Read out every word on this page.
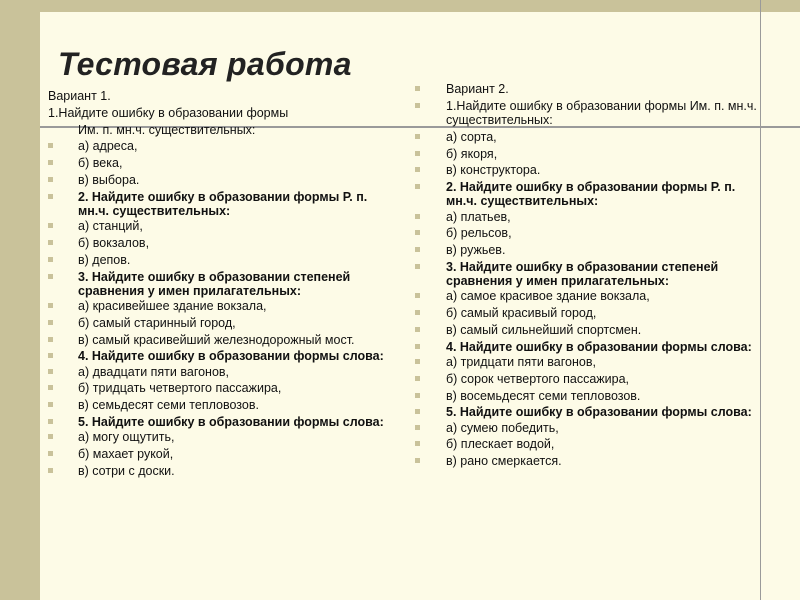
Тестовая работа
Вариант 1.
1.Найдите ошибку в образовании формы
Им. п. мн.ч. существительных:
а) адреса,
б) века,
в) выбора.
2. Найдите ошибку в образовании формы Р. п. мн.ч. существительных:
а) станций,
б) вокзалов,
в) депов.
3. Найдите ошибку в образовании степеней сравнения у имен прилагательных:
а) красивейшее здание вокзала,
б) самый старинный город,
в) самый красивейший железнодорожный мост.
4. Найдите ошибку в образовании формы слова:
а) двадцати пяти вагонов,
б) тридцать четвертого пассажира,
в) семьдесят семи тепловозов.
5. Найдите ошибку в образовании формы слова:
а) могу ощутить,
б) махает рукой,
в) сотри с доски.
Вариант 2.
1.Найдите ошибку в образовании формы Им. п. мн.ч. существительных:
а) сорта,
б) якоря,
в) конструктора.
2. Найдите ошибку в образовании формы Р. п. мн.ч. существительных:
а) платьев,
б) рельсов,
в) ружьев.
3. Найдите ошибку в образовании степеней сравнения у имен прилагательных:
а) самое красивое здание вокзала,
б) самый красивый город,
в) самый сильнейший спортсмен.
4. Найдите ошибку в образовании формы слова:
а) тридцати пяти вагонов,
б) сорок четвертого пассажира,
в) восемьдесят семи тепловозов.
5. Найдите ошибку в образовании формы слова:
а) сумею победить,
б) плескает водой,
в) рано смеркается.
